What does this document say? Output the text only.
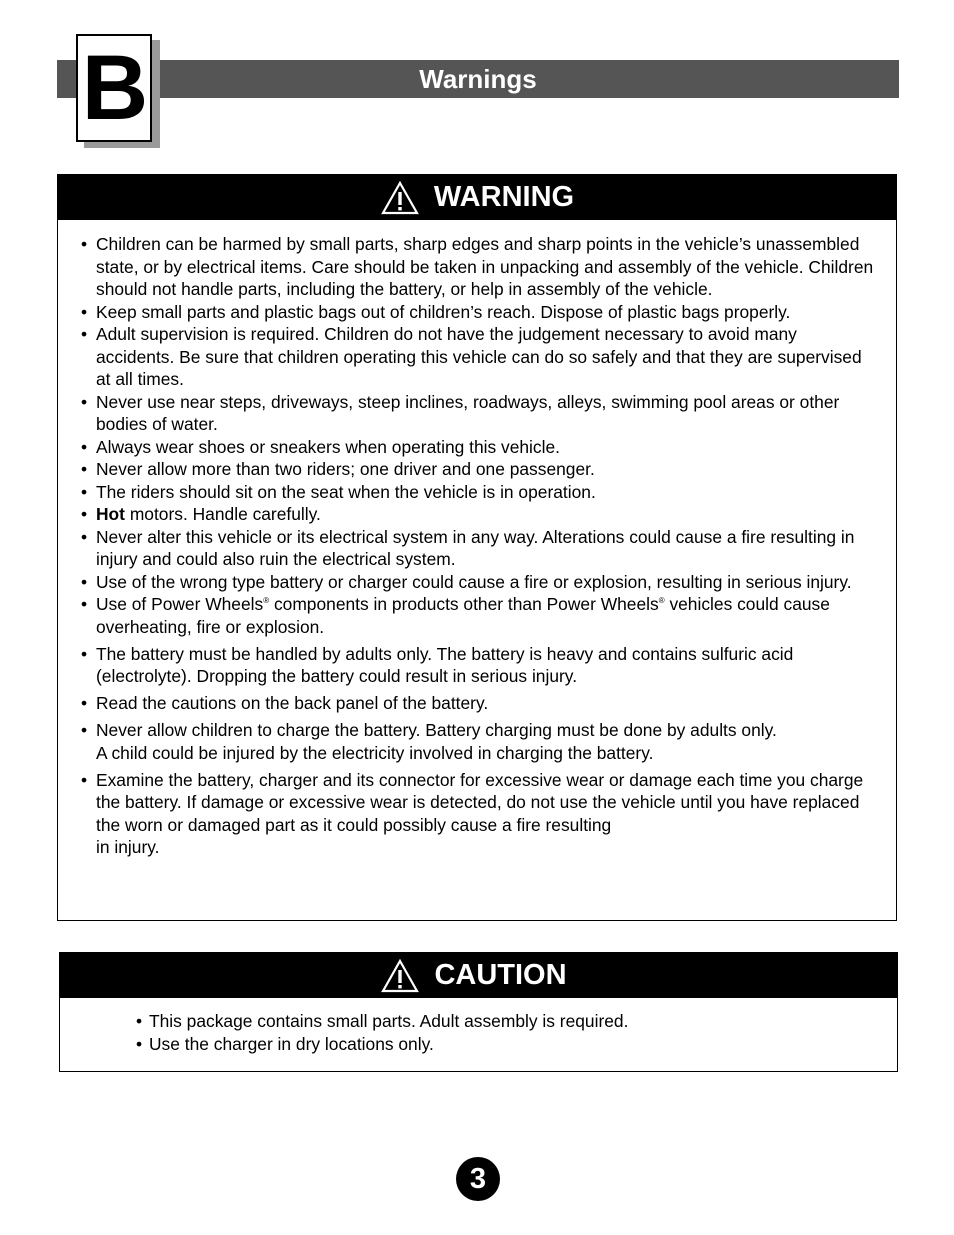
Warnings
B
WARNING
• Children can be harmed by small parts, sharp edges and sharp points in the vehicle’s unassembled state, or by electrical items. Care should be taken in unpacking and assembly of the vehicle. Children should not handle parts, including the battery, or help in assembly of the vehicle.
• Keep small parts and plastic bags out of children’s reach. Dispose of plastic bags properly.
• Adult supervision is required. Children do not have the judgement necessary to avoid many accidents. Be sure that children operating this vehicle can do so safely and that they are supervised at all times.
• Never use near steps, driveways, steep inclines, roadways, alleys, swimming pool areas or other bodies of water.
• Always wear shoes or sneakers when operating this vehicle.
• Never allow more than two riders; one driver and one passenger.
• The riders should sit on the seat when the vehicle is in operation.
• Hot motors. Handle carefully.
• Never alter this vehicle or its electrical system in any way. Alterations could cause a fire resulting in injury and could also ruin the electrical system.
• Use of the wrong type battery or charger could cause a fire or explosion, resulting in serious injury.
• Use of Power Wheels® components in products other than Power Wheels® vehicles could cause overheating, fire or explosion.
• The battery must be handled by adults only. The battery is heavy and contains sulfuric acid (electrolyte). Dropping the battery could result in serious injury.
• Read the cautions on the back panel of the battery.
• Never allow children to charge the battery. Battery charging must be done by adults only.
A child could be injured by the electricity involved in charging the battery.
• Examine the battery, charger and its connector for excessive wear or damage each time you charge the battery. If damage or excessive wear is detected, do not use the vehicle until you have replaced the worn or damaged part as it could possibly cause a fire resulting
in injury.
CAUTION
• This package contains small parts. Adult assembly is required.
• Use the charger in dry locations only.
3
